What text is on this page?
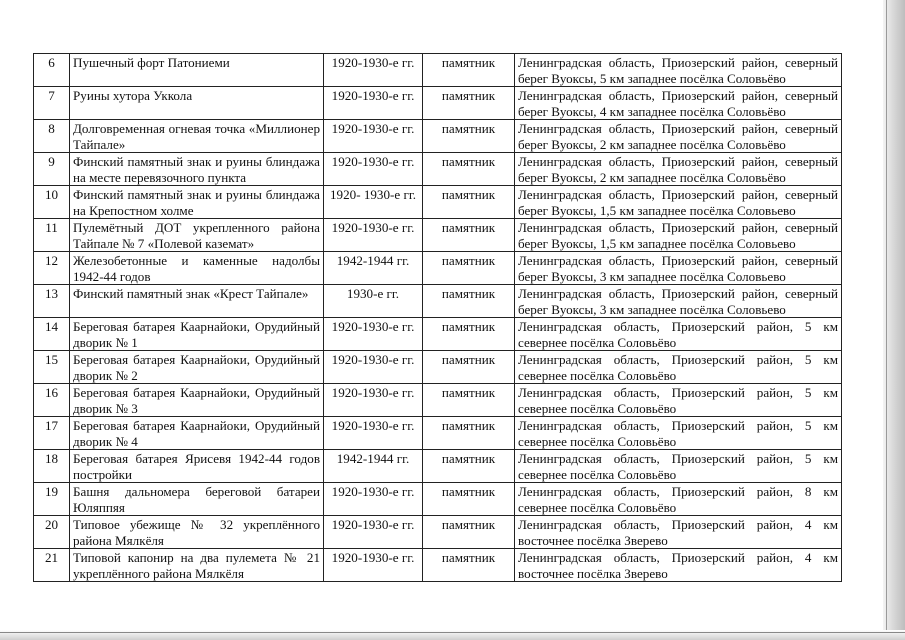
6	Пушечный форт Патониеми	1920-1930-е гг.	памятник	Ленинградская область, Приозерский район, северный берег Вуоксы, 5 км западнее посёлка Соловьёво
7	Руины хутора Уккола	1920-1930-е гг.	памятник	Ленинградская область, Приозерский район, северный берег Вуоксы, 4 км западнее посёлка Соловьёво
8	Долговременная огневая точка «Миллионер Тайпале»	1920-1930-е гг.	памятник	Ленинградская область, Приозерский район, северный берег Вуоксы, 2 км западнее посёлка Соловьёво
9	Финский памятный знак и руины блиндажа на месте перевязочного пункта	1920-1930-е гг.	памятник	Ленинградская область, Приозерский район, северный берег Вуоксы, 2 км западнее посёлка Соловьёво
10	Финский памятный знак и руины блиндажа на Крепостном холме	1920- 1930-е гг.	памятник	Ленинградская область, Приозерский район, северный берег Вуоксы, 1,5 км западнее посёлка Соловьево
11	Пулемётный ДОТ укрепленного района Тайпале № 7 «Полевой каземат»	1920-1930-е гг.	памятник	Ленинградская область, Приозерский район, северный берег Вуоксы, 1,5 км западнее посёлка Соловьево
12	Железобетонные и каменные надолбы 1942-44 годов	1942-1944 гг.	памятник	Ленинградская область, Приозерский район, северный берег Вуоксы, 3 км западнее посёлка Соловьево
13	Финский памятный знак «Крест Тайпале»	1930-е гг.	памятник	Ленинградская область, Приозерский район, северный берег Вуоксы, 3 км западнее посёлка Соловьево
14	Береговая батарея Каарнайоки, Орудийный дворик № 1	1920-1930-е гг.	памятник	Ленинградская область, Приозерский район, 5 км севернее посёлка Соловьёво
15	Береговая батарея Каарнайоки, Орудийный дворик № 2	1920-1930-е гг.	памятник	Ленинградская область, Приозерский район, 5 км севернее посёлка Соловьёво
16	Береговая батарея Каарнайоки, Орудийный дворик № 3	1920-1930-е гг.	памятник	Ленинградская область, Приозерский район, 5 км севернее посёлка Соловьёво
17	Береговая батарея Каарнайоки, Орудийный дворик № 4	1920-1930-е гг.	памятник	Ленинградская область, Приозерский район, 5 км севернее посёлка Соловьёво
18	Береговая батарея Ярисевя 1942-44 годов постройки	1942-1944 гг.	памятник	Ленинградская область, Приозерский район, 5 км севернее посёлка Соловьёво
19	Башня дальномера береговой батареи Юляппяя	1920-1930-е гг.	памятник	Ленинградская область, Приозерский район, 8 км севернее посёлка Соловьёво
20	Типовое убежище № 32 укреплённого района Мялкёля	1920-1930-е гг.	памятник	Ленинградская область, Приозерский район, 4 км восточнее посёлка Зверево
21	Типовой капонир на два пулемета № 21 укреплённого района Мялкёля	1920-1930-е гг.	памятник	Ленинградская область, Приозерский район, 4 км восточнее посёлка Зверево
